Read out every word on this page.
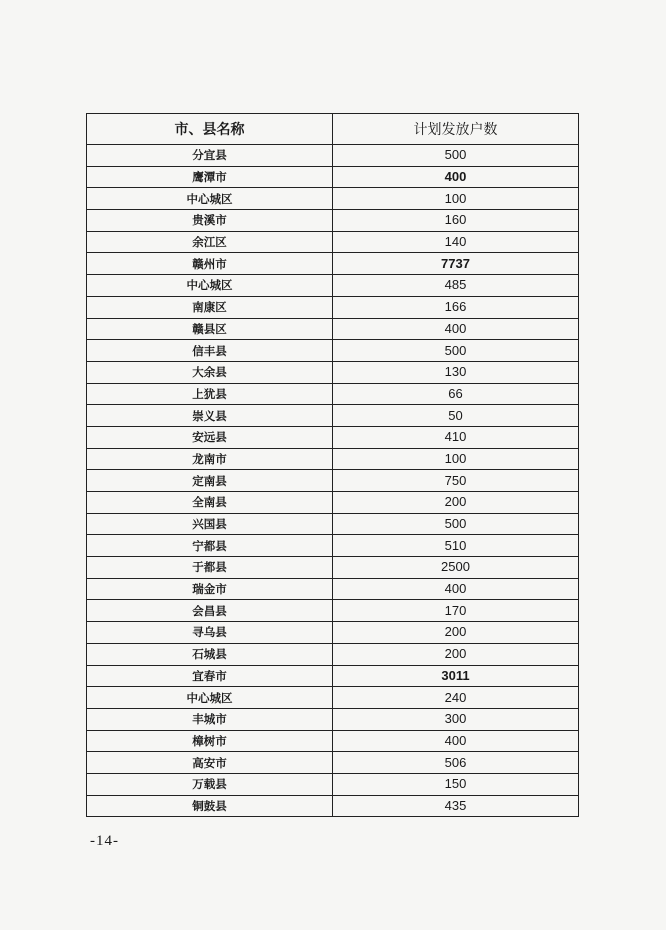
市、县名称	计划发放户数
分宜县	500
鹰潭市	400
中心城区	100
贵溪市	160
余江区	140
赣州市	7737
中心城区	485
南康区	166
赣县区	400
信丰县	500
大余县	130
上犹县	66
崇义县	50
安远县	410
龙南市	100
定南县	750
全南县	200
兴国县	500
宁都县	510
于都县	2500
瑞金市	400
会昌县	170
寻乌县	200
石城县	200
宜春市	3011
中心城区	240
丰城市	300
樟树市	400
高安市	506
万载县	150
铜鼓县	435
-14-
